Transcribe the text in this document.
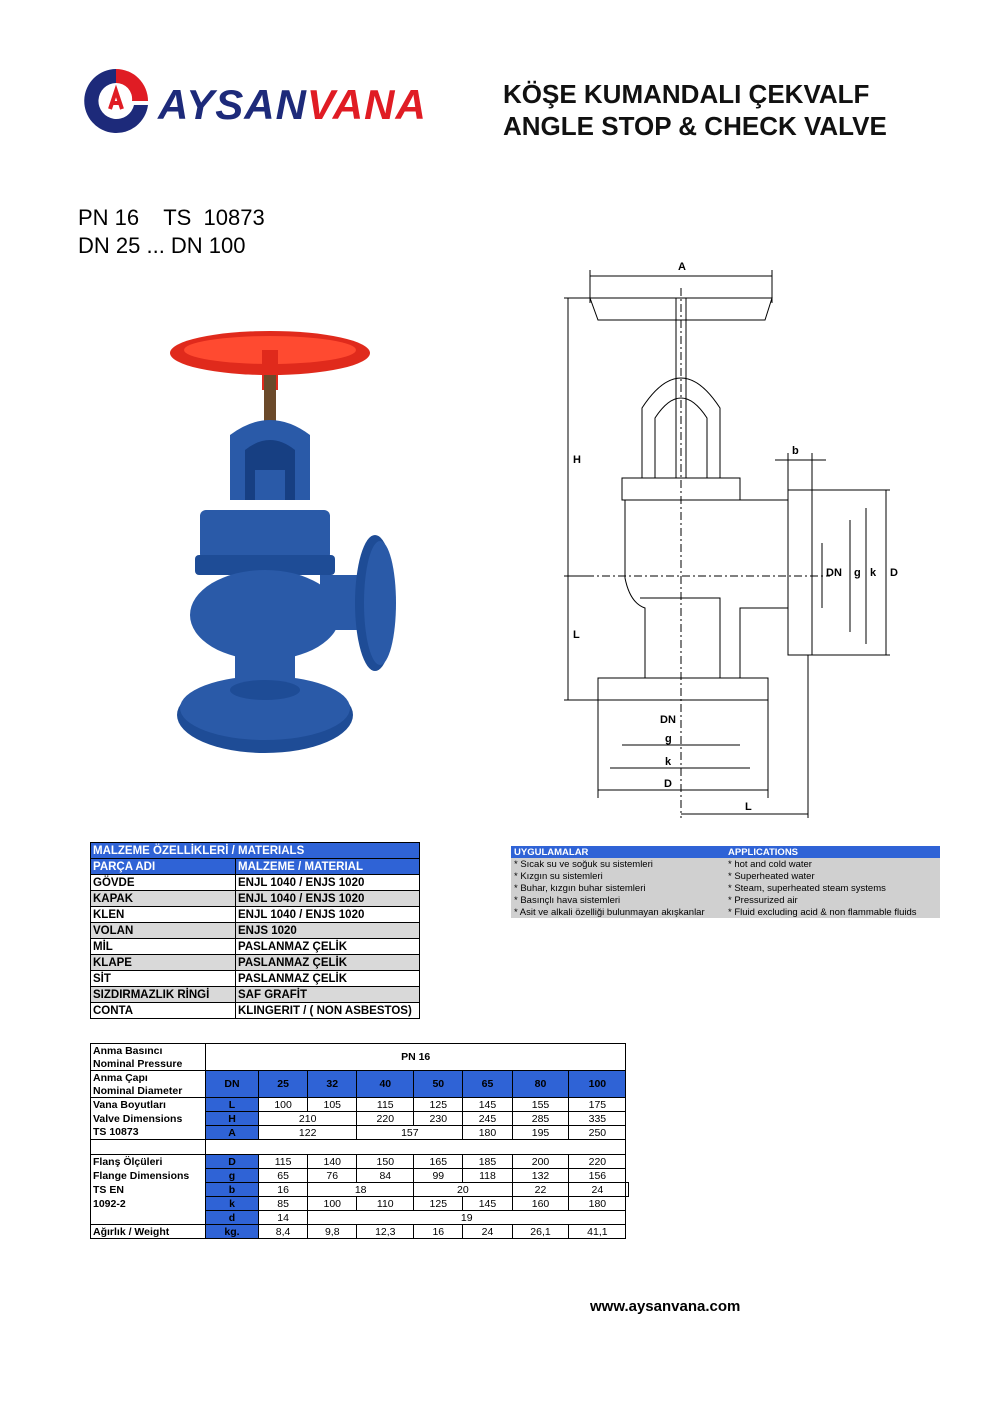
AYSANVANA	KÖŞE KUMANDALI ÇEKVALF
ANGLE STOP & CHECK VALVE
PN 16    TS  10873
DN 25 ... DN 100
A
H
L
b
DN g k D
DN
g
k
D
L
MALZEME ÖZELLİKLERİ / MATERIALS	
PARÇA ADI	MALZEME / MATERIAL
GÖVDE	ENJL 1040 / ENJS 1020
KAPAK	ENJL 1040 / ENJS 1020
KLEN	ENJL 1040 / ENJS 1020
VOLAN	ENJS 1020
MİL	PASLANMAZ ÇELİK
KLAPE	PASLANMAZ ÇELİK
SİT	PASLANMAZ ÇELİK
SIZDIRMAZLIK RİNGİ	SAF GRAFİT
CONTA	KLINGERIT / ( NON ASBESTOS)
UYGULAMALAR	APPLICATIONS
* Sıcak su ve soğuk su sistemleri	* hot and cold water
* Kızgın su sistemleri	* Superheated water
* Buhar, kızgın buhar sistemleri	* Steam, superheated steam systems
* Basınçlı hava sistemleri	* Pressurized air
* Asit ve alkali özelliği bulunmayan akışkanlar	* Fluid excluding acid & non flammable fluids
Anma Basıncı	PN 16								
Nominal Pressure									
Anma Çapı	DN	25	32	40	50	65	80	100	
Nominal Diameter									
Vana Boyutları	L	100	105	115	125	145	155	175	
Valve Dimensions	H	210		220	230	245	285	335	
TS 10873	A	122		157		180	195	250	

Flanş Ölçüleri	D	115	140	150	165	185	200	220	
Flange Dimensions	g	65	76	84	99	118	132	156	
TS EN	b	16	18		20		22	24	
1092-2	k	85	100	110	125	145	160	180	
	d	14	19						
Ağırlık / Weight	kg.	8,4	9,8	12,3	16	24	26,1	41,1	
www.aysanvana.com
